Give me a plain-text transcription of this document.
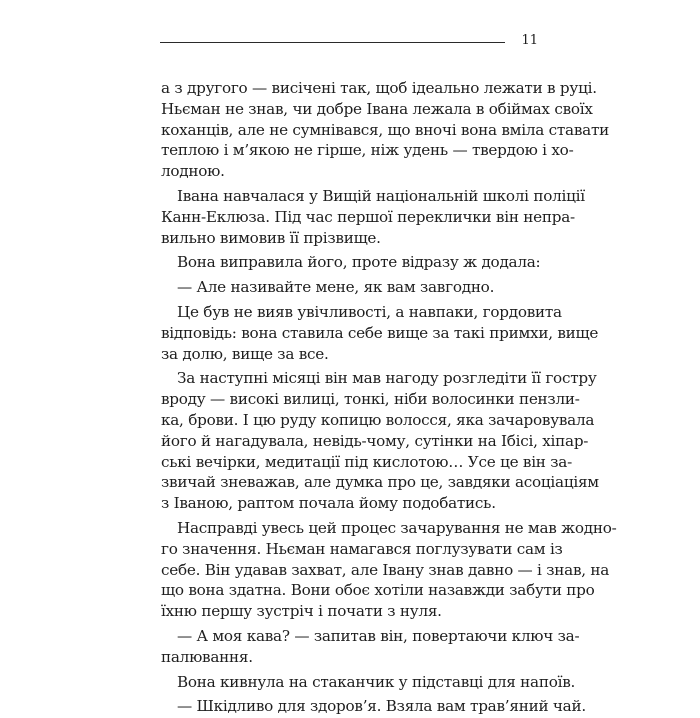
11
а з другого — висічені так, щоб ідеально лежати в руці.
Ньєман не знав, чи добре Івана лежала в обіймах своїх
коханців, але не сумнівався, що вночі вона вміла ставати
теплою і м’якою не гірше, ніж удень — твердою і хо-
лодною.
Івана навчалася у Вищій національній школі поліції
Канн-Еклюза. Під час першої переклички він непра-
вильно вимовив її прізвище.
Вона виправила його, проте відразу ж додала:
— Але називайте мене, як вам завгодно.
Це був не вияв увічливості, а навпаки, гордовита
відповідь: вона ставила себе вище за такі примхи, вище
за долю, вище за все.
За наступні місяці він мав нагоду розгледіти її гостру
вроду — високі вилиці, тонкі, ніби волосинки пензли-
ка, брови. І цю руду копицю волосся, яка зачаровувала
його й нагадувала, невідь-чому, сутінки на Ібісі, хіпар-
ські вечірки, медитації під кислотою… Усе це він за-
звичай зневажав, але думка про це, завдяки асоціаціям
з Іваною, раптом почала йому подобатись.
Насправді увесь цей процес зачарування не мав жодно-
го значення. Ньєман намагався поглузувати сам із
себе. Він удавав захват, але Івану знав давно — і знав, на
що вона здатна. Вони обоє хотіли назавжди забути про
їхню першу зустріч і почати з нуля.
— А моя кава? — запитав він, повертаючи ключ за-
палювання.
Вона кивнула на стаканчик у підставці для напоїв.
— Шкідливо для здоров’я. Взяла вам трав’яний чай.
